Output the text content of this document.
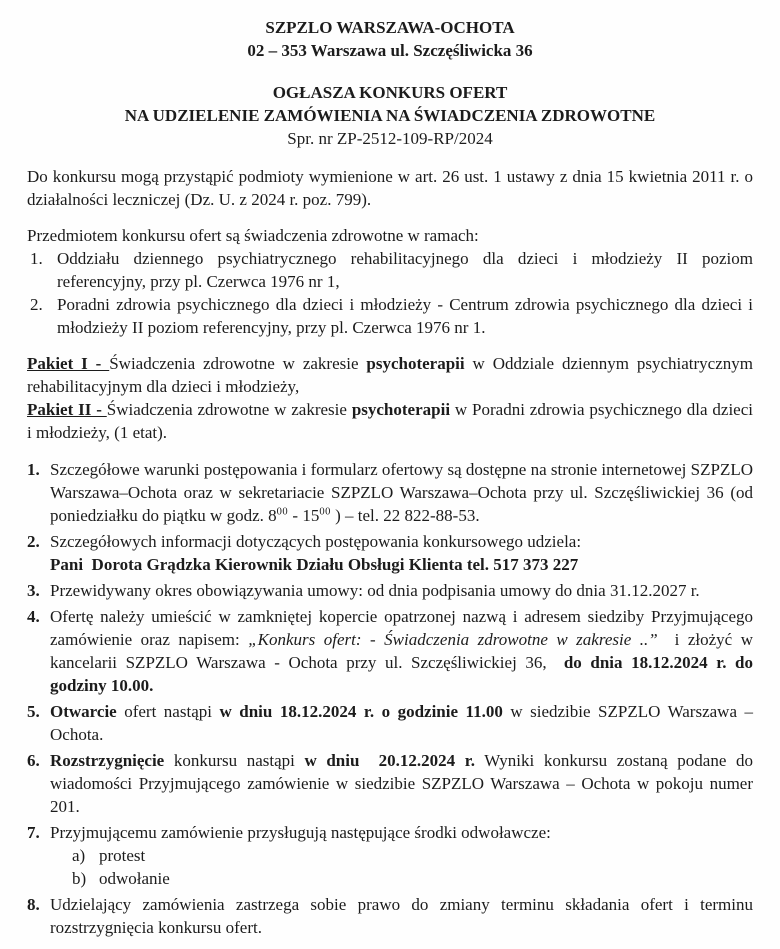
SZPZLO WARSZAWA-OCHOTA
02 – 353 Warszawa ul. Szczęśliwicka 36
OGŁASZA KONKURS OFERT
NA UDZIELENIE ZAMÓWIENIA NA ŚWIADCZENIA ZDROWOTNE
Spr. nr ZP-2512-109-RP/2024

Do konkursu mogą przystąpić podmioty wymienione w art. 26 ust. 1 ustawy z dnia 15 kwietnia 2011 r. o działalności leczniczej (Dz. U. z 2024 r. poz. 799).

Przedmiotem konkursu ofert są świadczenia zdrowotne w ramach:
1. Oddziału dziennego psychiatrycznego rehabilitacyjnego dla dzieci i młodzieży II poziom referencyjny, przy pl. Czerwca 1976 nr 1,
2. Poradni zdrowia psychicznego dla dzieci i młodzieży - Centrum zdrowia psychicznego dla dzieci i młodzieży II poziom referencyjny, przy pl. Czerwca 1976 nr 1.

Pakiet I - Świadczenia zdrowotne w zakresie psychoterapii w Oddziale dziennym psychiatrycznym rehabilitacyjnym dla dzieci i młodzieży,

Pakiet II - Świadczenia zdrowotne w zakresie psychoterapii w Poradni zdrowia psychicznego dla dzieci i młodzieży, (1 etat).

1. Szczegółowe warunki postępowania i formularz ofertowy są dostępne na stronie internetowej SZPZLO Warszawa–Ochota oraz w sekretariacie SZPZLO Warszawa–Ochota przy ul. Szczęśliwickiej 36 (od poniedziałku do piątku w godz. $8^{00} - 15^{00}$ ) – tel. 22 822-88-53.
2. Szczegółowych informacji dotyczących postępowania konkursowego udziela:
Pani  Dorota Grądzka Kierownik Działu Obsługi Klienta tel. 517 373 227
3. Przewidywany okres obowiązywania umowy: od dnia podpisania umowy do dnia 31.12.2027 r.
4. Ofertę należy umieścić w zamkniętej kopercie opatrzonej nazwą i adresem siedziby Przyjmującego zamówienie oraz napisem: „Konkurs ofert: - Świadczenia zdrowotne w zakresie ..”  i złożyć w kancelarii SZPZLO Warszawa - Ochota przy ul. Szczęśliwickiej 36,  do dnia 18.12.2024 r. do godziny 10.00.
5. Otwarcie ofert nastąpi w dniu 18.12.2024 r. o godzinie 11.00 w siedzibie SZPZLO Warszawa – Ochota.
6. Rozstrzygnięcie konkursu nastąpi w dniu  20.12.2024 r. Wyniki konkursu zostaną podane do wiadomości Przyjmującego zamówienie w siedzibie SZPZLO Warszawa – Ochota w pokoju numer 201.
7. Przyjmującemu zamówienie przysługują następujące środki odwoławcze:
a) protest
b) odwołanie
8. Udzielający zamówienia zastrzega sobie prawo do zmiany terminu składania ofert i terminu rozstrzygnięcia konkursu ofert.
